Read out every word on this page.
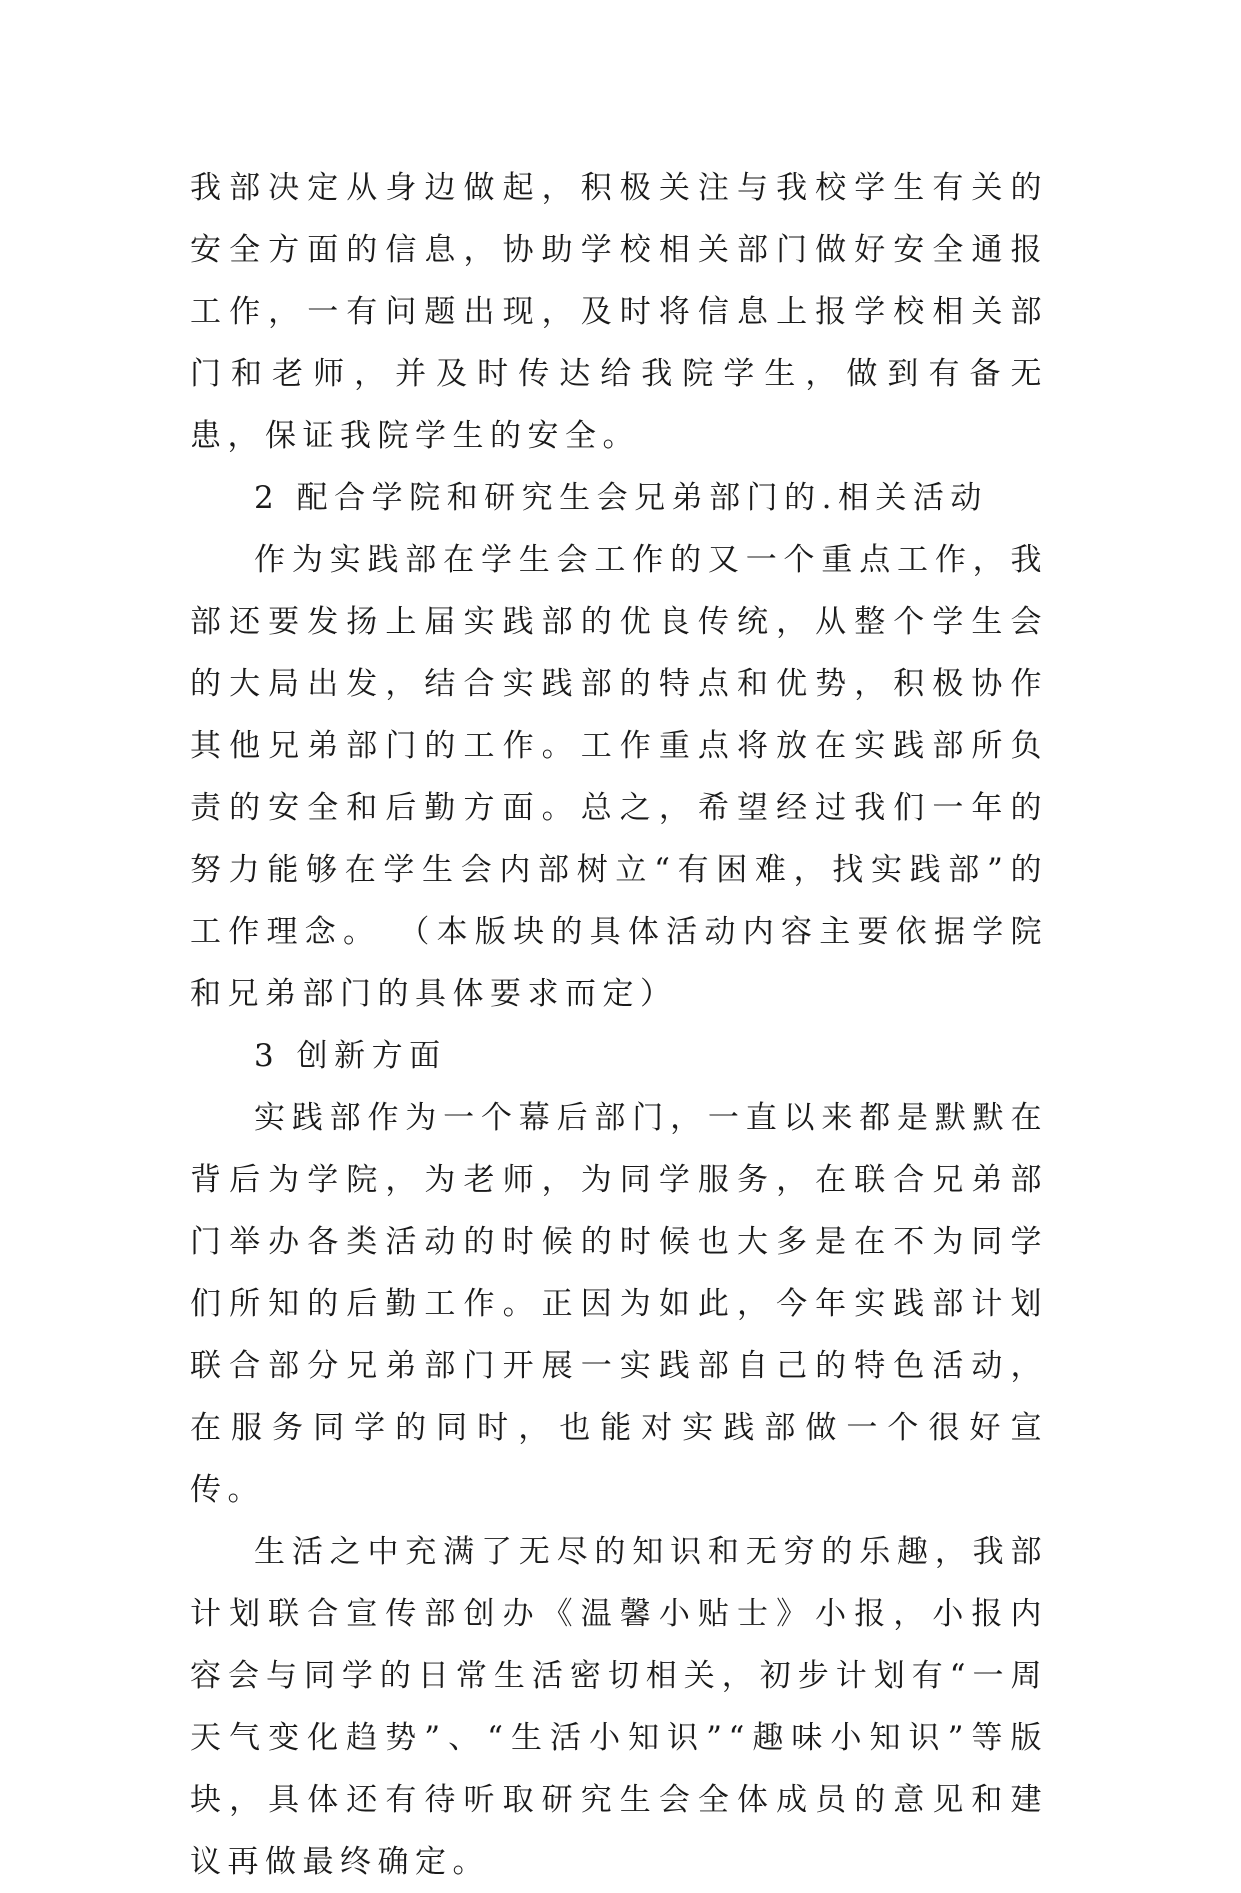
我部决定从身边做起，积极关注与我校学生有关的安全方面的信息，协助学校相关部门做好安全通报工作，一有问题出现，及时将信息上报学校相关部门和老师，并及时传达给我院学生，做到有备无患，保证我院学生的安全。

2 配合学院和研究生会兄弟部门的.相关活动

作为实践部在学生会工作的又一个重点工作，我部还要发扬上届实践部的优良传统，从整个学生会的大局出发，结合实践部的特点和优势，积极协作其他兄弟部门的工作。工作重点将放在实践部所负责的安全和后勤方面。总之，希望经过我们一年的努力能够在学生会内部树立“有困难，找实践部”的工作理念。 （本版块的具体活动内容主要依据学院和兄弟部门的具体要求而定）

3 创新方面

实践部作为一个幕后部门，一直以来都是默默在背后为学院，为老师，为同学服务，在联合兄弟部门举办各类活动的时候的时候也大多是在不为同学们所知的后勤工作。正因为如此，今年实践部计划联合部分兄弟部门开展一实践部自己的特色活动，在服务同学的同时，也能对实践部做一个很好宣传。

生活之中充满了无尽的知识和无穷的乐趣，我部计划联合宣传部创办《温馨小贴士》小报，小报内容会与同学的日常生活密切相关，初步计划有“一周天气变化趋势”、“生活小知识”“趣味小知识”等版块，具体还有待听取研究生会全体成员的意见和建议再做最终确定。
